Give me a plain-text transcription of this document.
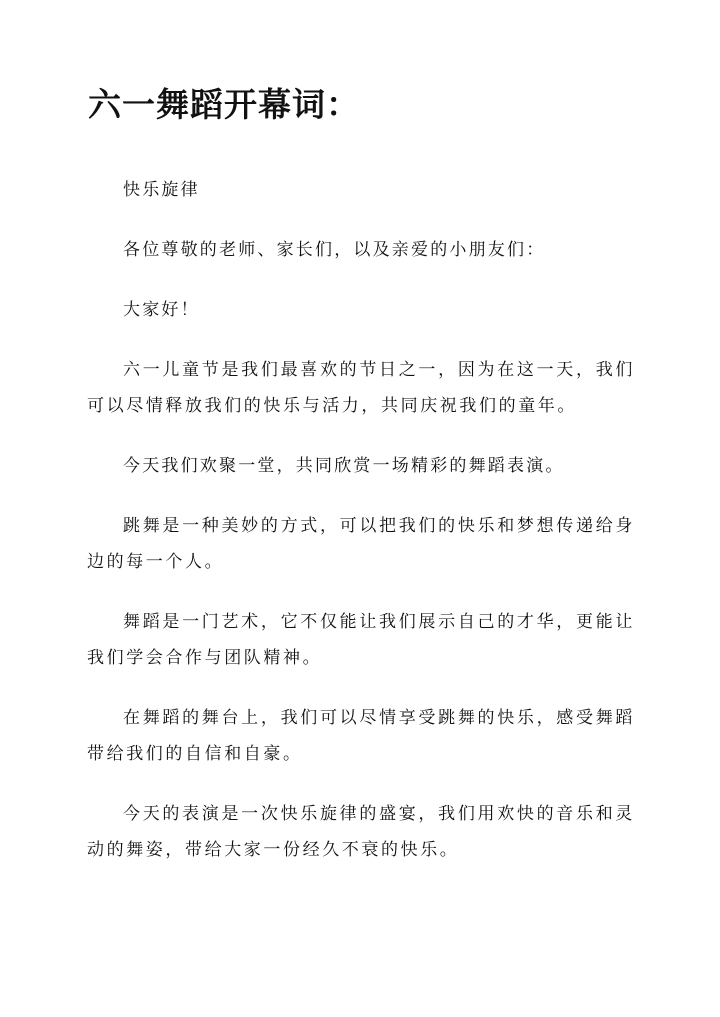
六一舞蹈开幕词：

快乐旋律

各位尊敬的老师、家长们，以及亲爱的小朋友们：

大家好！

六一儿童节是我们最喜欢的节日之一，因为在这一天，我们可以尽情释放我们的快乐与活力，共同庆祝我们的童年。

今天我们欢聚一堂，共同欣赏一场精彩的舞蹈表演。

跳舞是一种美妙的方式，可以把我们的快乐和梦想传递给身边的每一个人。

舞蹈是一门艺术，它不仅能让我们展示自己的才华，更能让我们学会合作与团队精神。

在舞蹈的舞台上，我们可以尽情享受跳舞的快乐，感受舞蹈带给我们的自信和自豪。

今天的表演是一次快乐旋律的盛宴，我们用欢快的音乐和灵动的舞姿，带给大家一份经久不衰的快乐。
